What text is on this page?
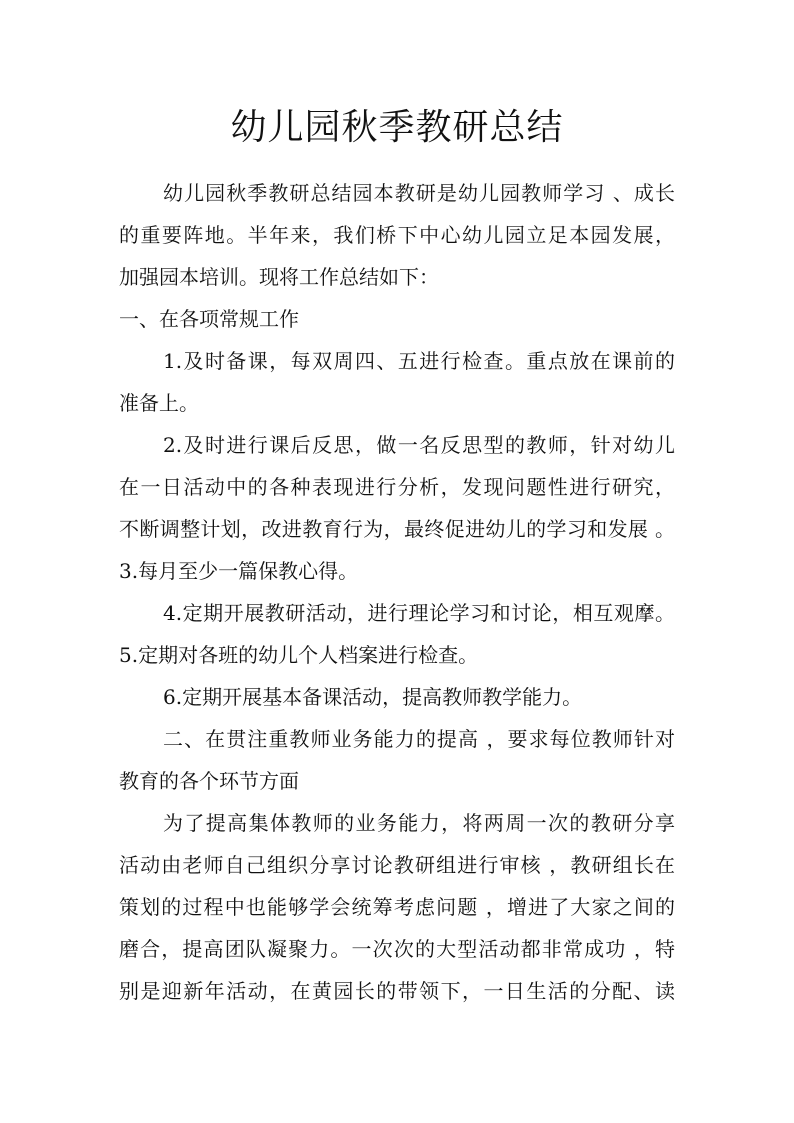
幼儿园秋季教研总结
幼儿园秋季教研总结园本教研是幼儿园教师学习 、成长
的重要阵地。半年来，我们桥下中心幼儿园立足本园发展，
加强园本培训。现将工作总结如下：
一、在各项常规工作
1.及时备课，每双周四、五进行检查。重点放在课前的
准备上。
2.及时进行课后反思，做一名反思型的教师，针对幼儿
在一日活动中的各种表现进行分析，发现问题性进行研究，
不断调整计划，改进教育行为，最终促进幼儿的学习和发展 。
3.每月至少一篇保教心得。
4.定期开展教研活动，进行理论学习和讨论，相互观摩。
5.定期对各班的幼儿个人档案进行检查。
6.定期开展基本备课活动，提高教师教学能力。
二、在贯注重教师业务能力的提高 ，要求每位教师针对
教育的各个环节方面
为了提高集体教师的业务能力，将两周一次的教研分享
活动由老师自己组织分享讨论教研组进行审核 ，教研组长在
策划的过程中也能够学会统筹考虑问题 ，增进了大家之间的
磨合，提高团队凝聚力。一次次的大型活动都非常成功 ，特
别是迎新年活动，在黄园长的带领下，一日生活的分配、读
